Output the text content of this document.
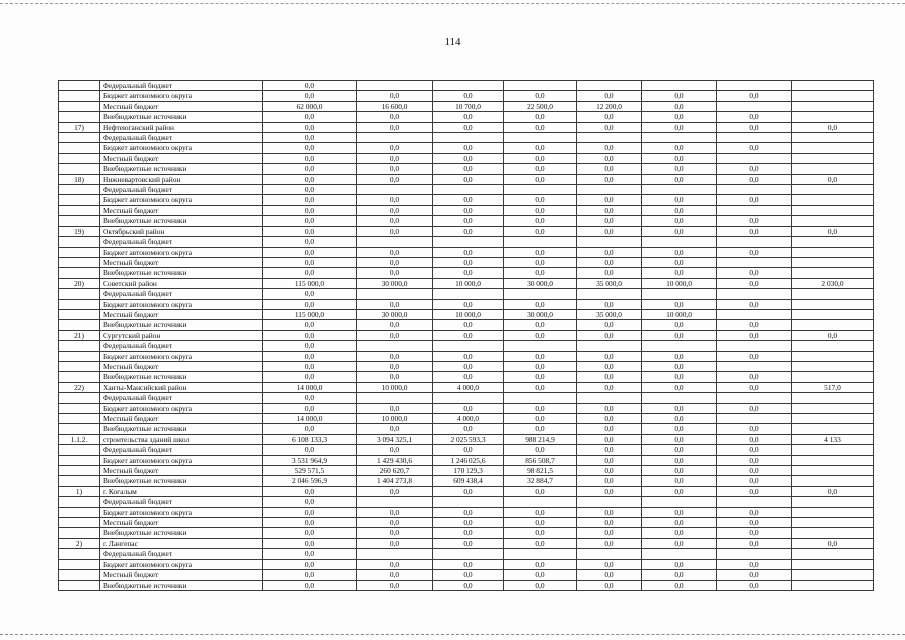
114
	Федеральный бюджет	0,0							
	Бюджет автономного округа	0,0	0,0	0,0	0,0	0,0	0,0	0,0	
	Местный бюджет	62 000,0	16 600,0	10 700,0	22 500,0	12 200,0	0,0		
	Внебюджетные источники	0,0	0,0	0,0	0,0	0,0	0,0	0,0	
17)	Нефтеюганский район	0,0	0,0	0,0	0,0	0,0	0,0	0,0	0,0
	Федеральный бюджет	0,0							
	Бюджет автономного округа	0,0	0,0	0,0	0,0	0,0	0,0	0,0	
	Местный бюджет	0,0	0,0	0,0	0,0	0,0	0,0		
	Внебюджетные источники	0,0	0,0	0,0	0,0	0,0	0,0	0,0	
18)	Нижневартовский район	0,0	0,0	0,0	0,0	0,0	0,0	0,0	0,0
	Федеральный бюджет	0,0							
	Бюджет автономного округа	0,0	0,0	0,0	0,0	0,0	0,0	0,0	
	Местный бюджет	0,0	0,0	0,0	0,0	0,0	0,0		
	Внебюджетные источники	0,0	0,0	0,0	0,0	0,0	0,0	0,0	
19)	Октябрьский район	0,0	0,0	0,0	0,0	0,0	0,0	0,0	0,0
	Федеральный бюджет	0,0							
	Бюджет автономного округа	0,0	0,0	0,0	0,0	0,0	0,0	0,0	
	Местный бюджет	0,0	0,0	0,0	0,0	0,0	0,0		
	Внебюджетные источники	0,0	0,0	0,0	0,0	0,0	0,0	0,0	
20)	Советский район	115 000,0	30 000,0	10 000,0	30 000,0	35 000,0	10 000,0	0,0	2 030,0
	Федеральный бюджет	0,0							
	Бюджет автономного округа	0,0	0,0	0,0	0,0	0,0	0,0	0,0	
	Местный бюджет	115 000,0	30 000,0	10 000,0	30 000,0	35 000,0	10 000,0		
	Внебюджетные источники	0,0	0,0	0,0	0,0	0,0	0,0	0,0	
21)	Сургутский район	0,0	0,0	0,0	0,0	0,0	0,0	0,0	0,0
	Федеральный бюджет	0,0							
	Бюджет автономного округа	0,0	0,0	0,0	0,0	0,0	0,0	0,0	
	Местный бюджет	0,0	0,0	0,0	0,0	0,0	0,0		
	Внебюджетные источники	0,0	0,0	0,0	0,0	0,0	0,0	0,0	
22)	Ханты-Мансийский район	14 000,0	10 000,0	4 000,0	0,0	0,0	0,0	0,0	517,0
	Федеральный бюджет	0,0							
	Бюджет автономного округа	0,0	0,0	0,0	0,0	0,0	0,0	0,0	
	Местный бюджет	14 000,0	10 000,0	4 000,0	0,0	0,0	0,0		
	Внебюджетные источники	0,0	0,0	0,0	0,0	0,0	0,0	0,0	
1.1.2.	строительства зданий школ	6 108 133,3	3 094 325,1	2 025 593,3	988 214,9	0,0	0,0	0,0	4 133
	Федеральный бюджет	0,0	0,0	0,0	0,0	0,0	0,0	0,0	
	Бюджет автономного округа	3 531 964,9	1 429 430,6	1 246 025,6	856 508,7	0,0	0,0	0,0	
	Местный бюджет	529 571,5	260 620,7	170 129,3	98 821,5	0,0	0,0	0,0	
	Внебюджетные источники	2 046 596,9	1 404 273,8	609 438,4	32 884,7	0,0	0,0	0,0	
1)	г. Когалым	0,0	0,0	0,0	0,0	0,0	0,0	0,0	0,0
	Федеральный бюджет	0,0							
	Бюджет автономного округа	0,0	0,0	0,0	0,0	0,0	0,0	0,0	
	Местный бюджет	0,0	0,0	0,0	0,0	0,0	0,0	0,0	
	Внебюджетные источники	0,0	0,0	0,0	0,0	0,0	0,0	0,0	
2)	г. Лангепас	0,0	0,0	0,0	0,0	0,0	0,0	0,0	0,0
	Федеральный бюджет	0,0							
	Бюджет автономного округа	0,0	0,0	0,0	0,0	0,0	0,0	0,0	
	Местный бюджет	0,0	0,0	0,0	0,0	0,0	0,0	0,0	
	Внебюджетные источники	0,0	0,0	0,0	0,0	0,0	0,0	0,0	
